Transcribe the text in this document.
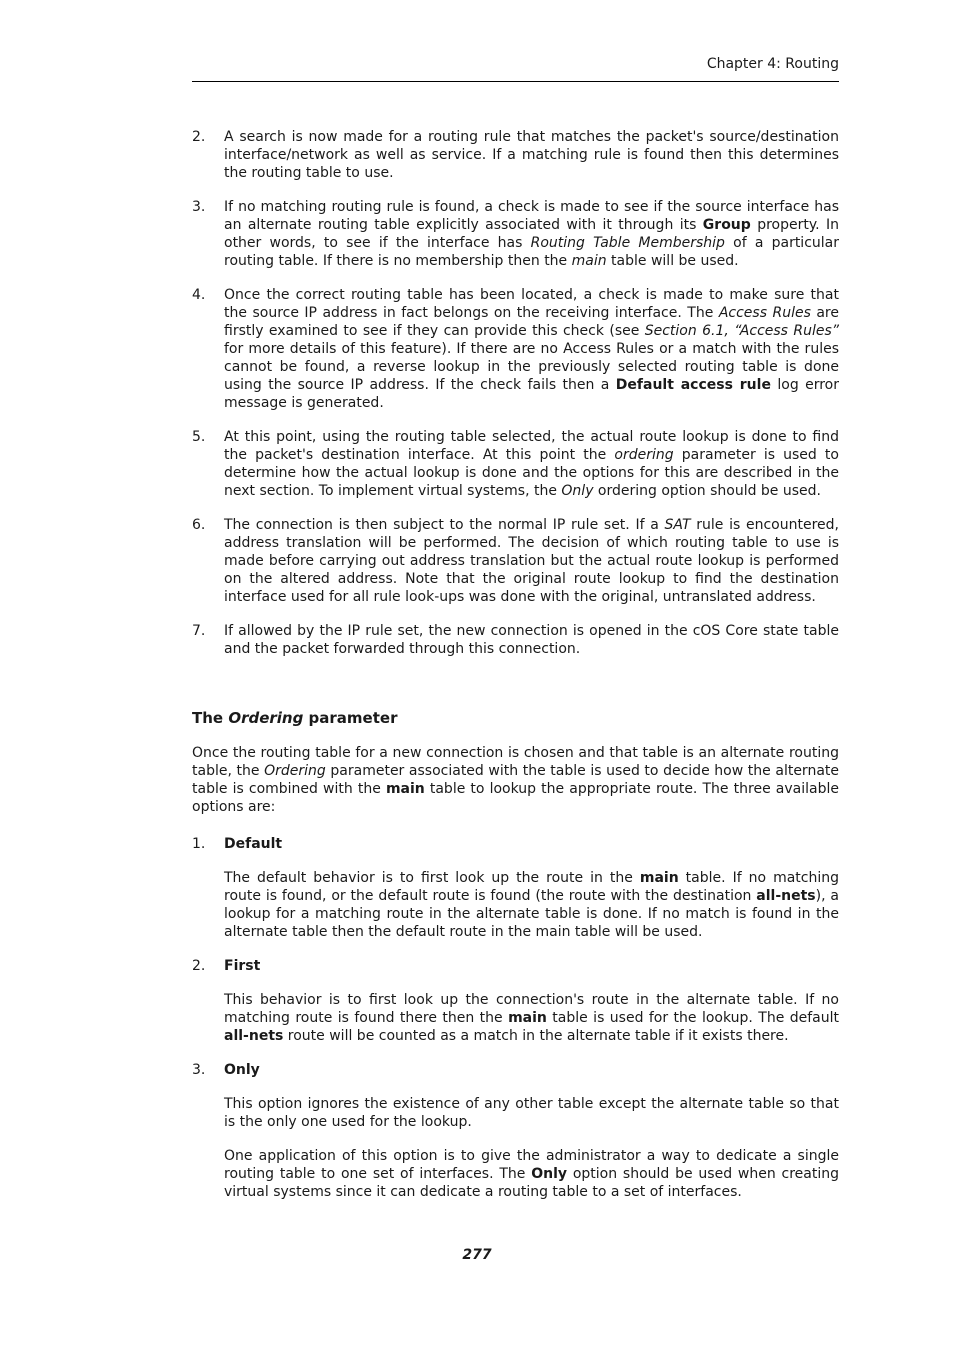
Chapter 4: Routing
2.	A search is now made for a routing rule that matches the packet's source/destination interface/network as well as service. If a matching rule is found then this determines the routing table to use.
3.	If no matching routing rule is found, a check is made to see if the source interface has an alternate routing table explicitly associated with it through its Group property. In other words, to see if the interface has Routing Table Membership of a particular routing table. If there is no membership then the main table will be used.
4.	Once the correct routing table has been located, a check is made to make sure that the source IP address in fact belongs on the receiving interface. The Access Rules are firstly examined to see if they can provide this check (see Section 6.1, “Access Rules” for more details of this feature). If there are no Access Rules or a match with the rules cannot be found, a reverse lookup in the previously selected routing table is done using the source IP address. If the check fails then a Default access rule log error message is generated.
5.	At this point, using the routing table selected, the actual route lookup is done to find the packet's destination interface. At this point the ordering parameter is used to determine how the actual lookup is done and the options for this are described in the next section. To implement virtual systems, the Only ordering option should be used.
6.	The connection is then subject to the normal IP rule set. If a SAT rule is encountered, address translation will be performed. The decision of which routing table to use is made before carrying out address translation but the actual route lookup is performed on the altered address. Note that the original route lookup to find the destination interface used for all rule look-ups was done with the original, untranslated address.
7.	If allowed by the IP rule set, the new connection is opened in the cOS Core state table and the packet forwarded through this connection.
The Ordering parameter

Once the routing table for a new connection is chosen and that table is an alternate routing table, the Ordering parameter associated with the table is used to decide how the alternate table is combined with the main table to lookup the appropriate route. The three available options are:

1.	Default

The default behavior is to first look up the route in the main table. If no matching route is found, or the default route is found (the route with the destination all-nets), a lookup for a matching route in the alternate table is done. If no match is found in the alternate table then the default route in the main table will be used.

2.	First

This behavior is to first look up the connection's route in the alternate table. If no matching route is found there then the main table is used for the lookup. The default all-nets route will be counted as a match in the alternate table if it exists there.

3.	Only

This option ignores the existence of any other table except the alternate table so that is the only one used for the lookup.

One application of this option is to give the administrator a way to dedicate a single routing table to one set of interfaces. The Only option should be used when creating virtual systems since it can dedicate a routing table to a set of interfaces.

277
